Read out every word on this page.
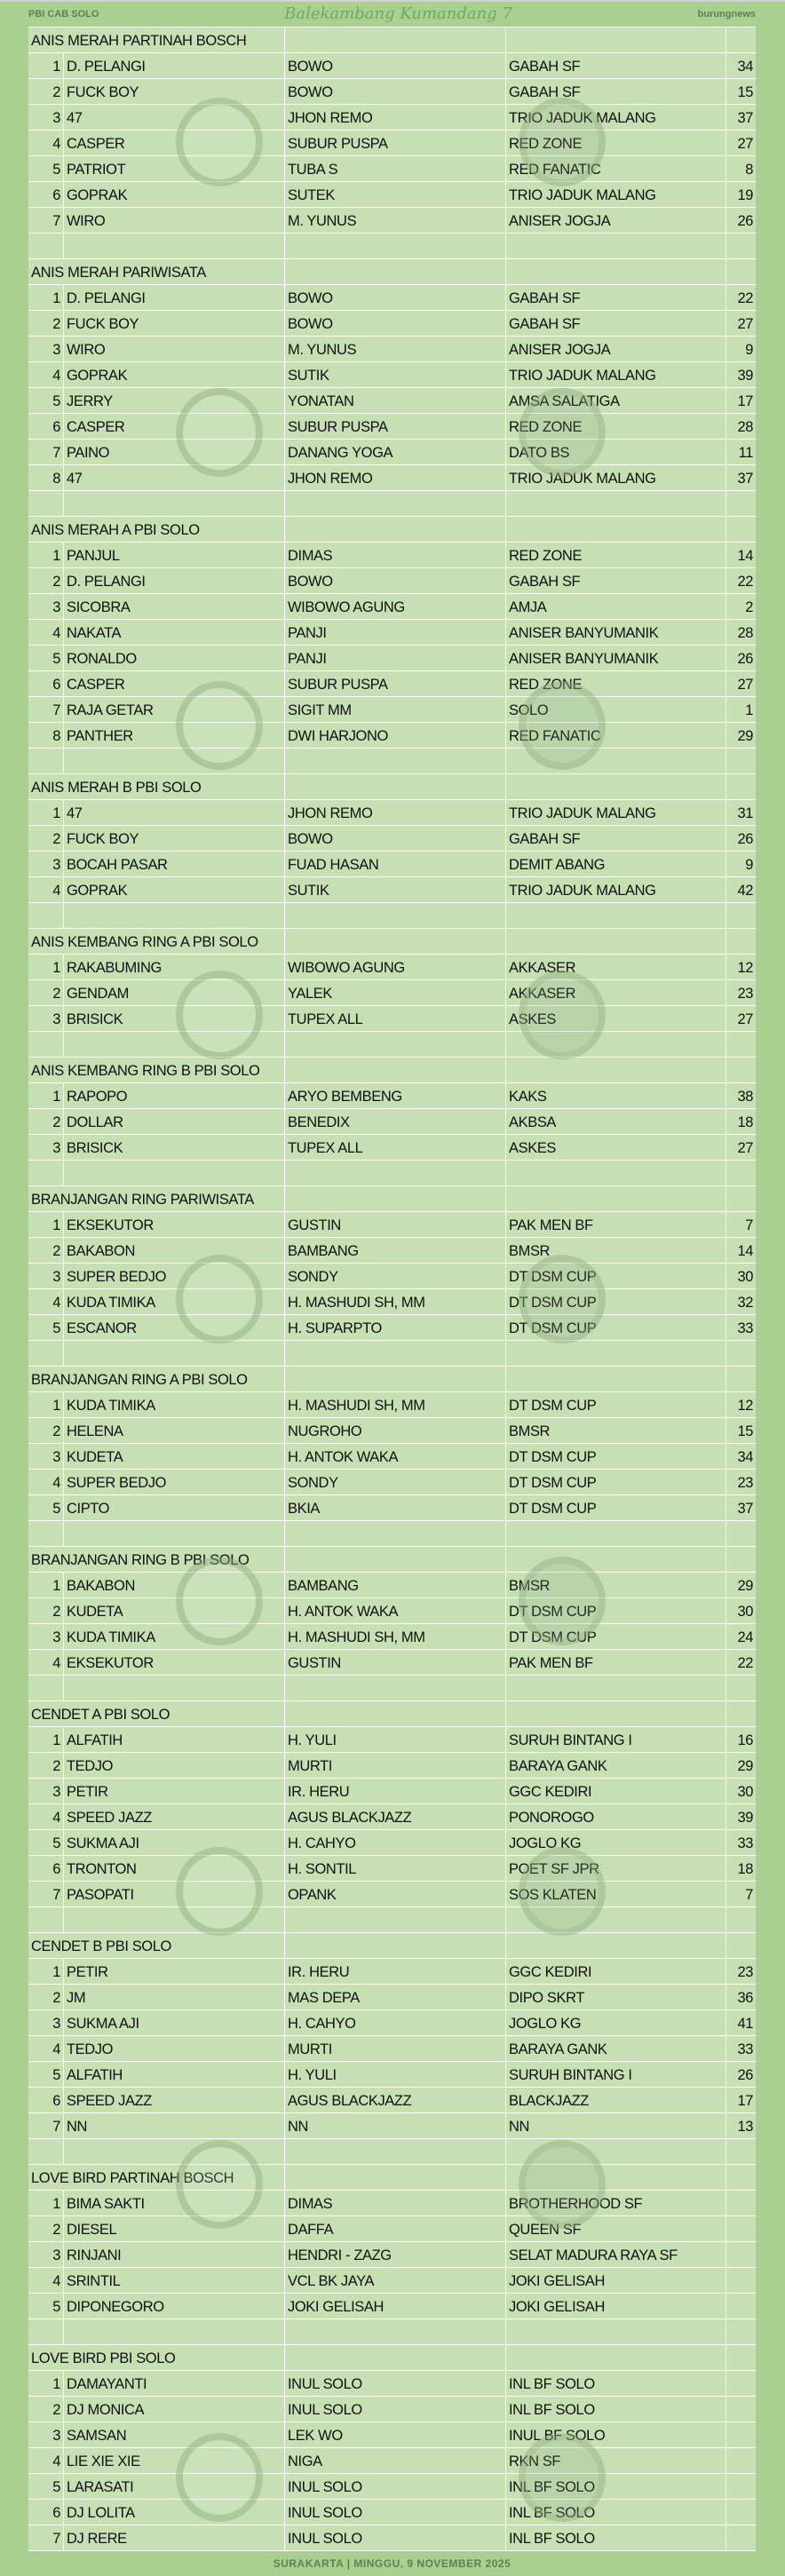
ANIS MERAH PARTINAH BOSCH
1 D. PELANGI	BOWO	GABAH SF	34
2 FUCK BOY	BOWO	GABAH SF	15
3 47	JHON REMO	TRIO JADUK MALANG	37
4 CASPER	SUBUR PUSPA	RED ZONE	27
5 PATRIOT	TUBA S	RED FANATIC	8
6 GOPRAK	SUTEK	TRIO JADUK MALANG	19
7 WIRO	M. YUNUS	ANISER JOGJA	26
ANIS MERAH PARIWISATA
1 D. PELANGI	BOWO	GABAH SF	22
2 FUCK BOY	BOWO	GABAH SF	27
3 WIRO	M. YUNUS	ANISER JOGJA	9
4 GOPRAK	SUTIK	TRIO JADUK MALANG	39
5 JERRY	YONATAN	AMSA SALATIGA	17
6 CASPER	SUBUR PUSPA	RED ZONE	28
7 PAINO	DANANG YOGA	DATO BS	11
8 47	JHON REMO	TRIO JADUK MALANG	37
ANIS MERAH A PBI SOLO
1 PANJUL	DIMAS	RED ZONE	14
2 D. PELANGI	BOWO	GABAH SF	22
3 SICOBRA	WIBOWO AGUNG	AMJA	2
4 NAKATA	PANJI	ANISER BANYUMANIK	28
5 RONALDO	PANJI	ANISER BANYUMANIK	26
6 CASPER	SUBUR PUSPA	RED ZONE	27
7 RAJA GETAR	SIGIT MM	SOLO	1
8 PANTHER	DWI HARJONO	RED FANATIC	29
ANIS MERAH B PBI SOLO
1 47	JHON REMO	TRIO JADUK MALANG	31
2 FUCK BOY	BOWO	GABAH SF	26
3 BOCAH PASAR	FUAD HASAN	DEMIT ABANG	9
4 GOPRAK	SUTIK	TRIO JADUK MALANG	42
ANIS KEMBANG RING A PBI SOLO
1 RAKABUMING	WIBOWO AGUNG	AKKASER	12
2 GENDAM	YALEK	AKKASER	23
3 BRISICK	TUPEX ALL	ASKES	27
ANIS KEMBANG RING B PBI SOLO
1 RAPOPO	ARYO BEMBENG	KAKS	38
2 DOLLAR	BENEDIX	AKBSA	18
3 BRISICK	TUPEX ALL	ASKES	27
BRANJANGAN RING PARIWISATA
1 EKSEKUTOR	GUSTIN	PAK MEN BF	7
2 BAKABON	BAMBANG	BMSR	14
3 SUPER BEDJO	SONDY	DT DSM CUP	30
4 KUDA TIMIKA	H. MASHUDI SH, MM	DT DSM CUP	32
5 ESCANOR	H. SUPARPTO	DT DSM CUP	33
BRANJANGAN RING A PBI SOLO
1 KUDA TIMIKA	H. MASHUDI SH, MM	DT DSM CUP	12
2 HELENA	NUGROHO	BMSR	15
3 KUDETA	H. ANTOK WAKA	DT DSM CUP	34
4 SUPER BEDJO	SONDY	DT DSM CUP	23
5 CIPTO	BKIA	DT DSM CUP	37
BRANJANGAN RING B PBI SOLO
1 BAKABON	BAMBANG	BMSR	29
2 KUDETA	H. ANTOK WAKA	DT DSM CUP	30
3 KUDA TIMIKA	H. MASHUDI SH, MM	DT DSM CUP	24
4 EKSEKUTOR	GUSTIN	PAK MEN BF	22
CENDET A PBI SOLO
1 ALFATIH	H. YULI	SURUH BINTANG I	16
2 TEDJO	MURTI	BARAYA GANK	29
3 PETIR	IR. HERU	GGC KEDIRI	30
4 SPEED JAZZ	AGUS BLACKJAZZ	PONOROGO	39
5 SUKMA AJI	H. CAHYO	JOGLO KG	33
6 TRONTON	H. SONTIL	POET SF JPR	18
7 PASOPATI	OPANK	SOS KLATEN	7
CENDET B PBI SOLO
1 PETIR	IR. HERU	GGC KEDIRI	23
2 JM	MAS DEPA	DIPO SKRT	36
3 SUKMA AJI	H. CAHYO	JOGLO KG	41
4 TEDJO	MURTI	BARAYA GANK	33
5 ALFATIH	H. YULI	SURUH BINTANG I	26
6 SPEED JAZZ	AGUS BLACKJAZZ	BLACKJAZZ	17
7 NN	NN	NN	13
LOVE BIRD PARTINAH BOSCH
1 BIMA SAKTI	DIMAS	BROTHERHOOD SF
2 DIESEL	DAFFA	QUEEN SF
3 RINJANI	HENDRI - ZAZG	SELAT MADURA RAYA SF
4 SRINTIL	VCL BK JAYA	JOKI GELISAH
5 DIPONEGORO	JOKI GELISAH	JOKI GELISAH
LOVE BIRD PBI SOLO
1 DAMAYANTI	INUL SOLO	INL BF SOLO
2 DJ MONICA	INUL SOLO	INL BF SOLO
3 SAMSAN	LEK WO	INUL BF SOLO
4 LIE XIE XIE	NIGA	RKN SF
5 LARASATI	INUL SOLO	INL BF SOLO
6 DJ LOLITA	INUL SOLO	INL BF SOLO
7 DJ RERE	INUL SOLO	INL BF SOLO
PBI CAB SOLO	Balekambang Kumandang 7	burungnews
SURAKARTA | MINGGU, 9 NOVEMBER 2025
